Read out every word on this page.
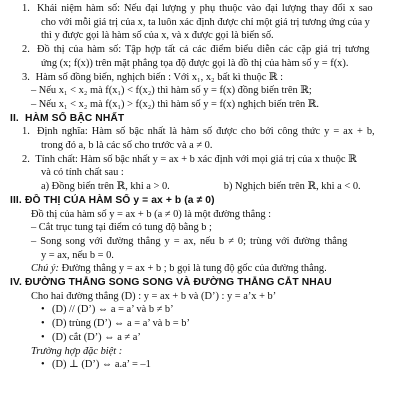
1. Khái niệm hàm số: Nếu đại lượng y phụ thuộc vào đại lượng thay đổi x sao
cho với mỗi giá trị của x, ta luôn xác định được chỉ một giá trị tương ứng của y
thì y được gọi là hàm số của x, và x được gọi là biến số.
2. Đồ thị của hàm số: Tập hợp tất cả các điểm biểu diễn các cặp giá trị tương
ứng (x; f(x)) trên mặt phẳng tọa độ được gọi là đồ thị của hàm số y = f(x).
3. Hàm số đồng biến, nghịch biến : Với x₁, x₂ bất kì thuộc ℝ :
– Nếu x₁ < x₂ mà f(x₁) < f(x₂) thì hàm số y = f(x) đồng biến trên ℝ;
– Nếu x₁ < x₂ mà f(x₁) > f(x₂) thì hàm số y = f(x) nghịch biến trên ℝ.
II. HÀM SỐ BẬC NHẤT
1. Định nghĩa: Hàm số bậc nhất là hàm số được cho bởi công thức y = ax + b,
trong đó a, b là các số cho trước và a ≠ 0.
2. Tính chất: Hàm số bậc nhất y = ax + b xác định với mọi giá trị của x thuộc ℝ
và có tính chất sau :
a) Đồng biến trên ℝ, khi a > 0.	b) Nghịch biến trên ℝ, khi a < 0.
III. ĐỒ THỊ CỦA HÀM SỐ y = ax + b (a ≠ 0)
Đồ thị của hàm số y = ax + b (a ≠ 0) là một đường thẳng :
– Cắt trục tung tại điểm có tung độ bằng b ;
– Song song với đường thẳng y = ax, nếu b ≠ 0; trùng với đường thẳng
y = ax, nếu b = 0.
Chú ý: Đường thẳng y = ax + b ; b gọi là tung độ gốc của đường thẳng.
IV. ĐƯỜNG THẲNG SONG SONG VÀ ĐƯỜNG THẲNG CẮT NHAU
Cho hai đường thẳng (D) : y = ax + b và (D’) : y = a’x + b’
• (D) // (D’) ⇔ a = a’ và b ≠ b’
• (D) trùng (D’) ⇔ a = a’ và b = b’
• (D) cắt (D’) ⇔ a ≠ a’
Trường hợp đặc biệt :
• (D) ⊥ (D’) ⇔ a.a’ = –1
